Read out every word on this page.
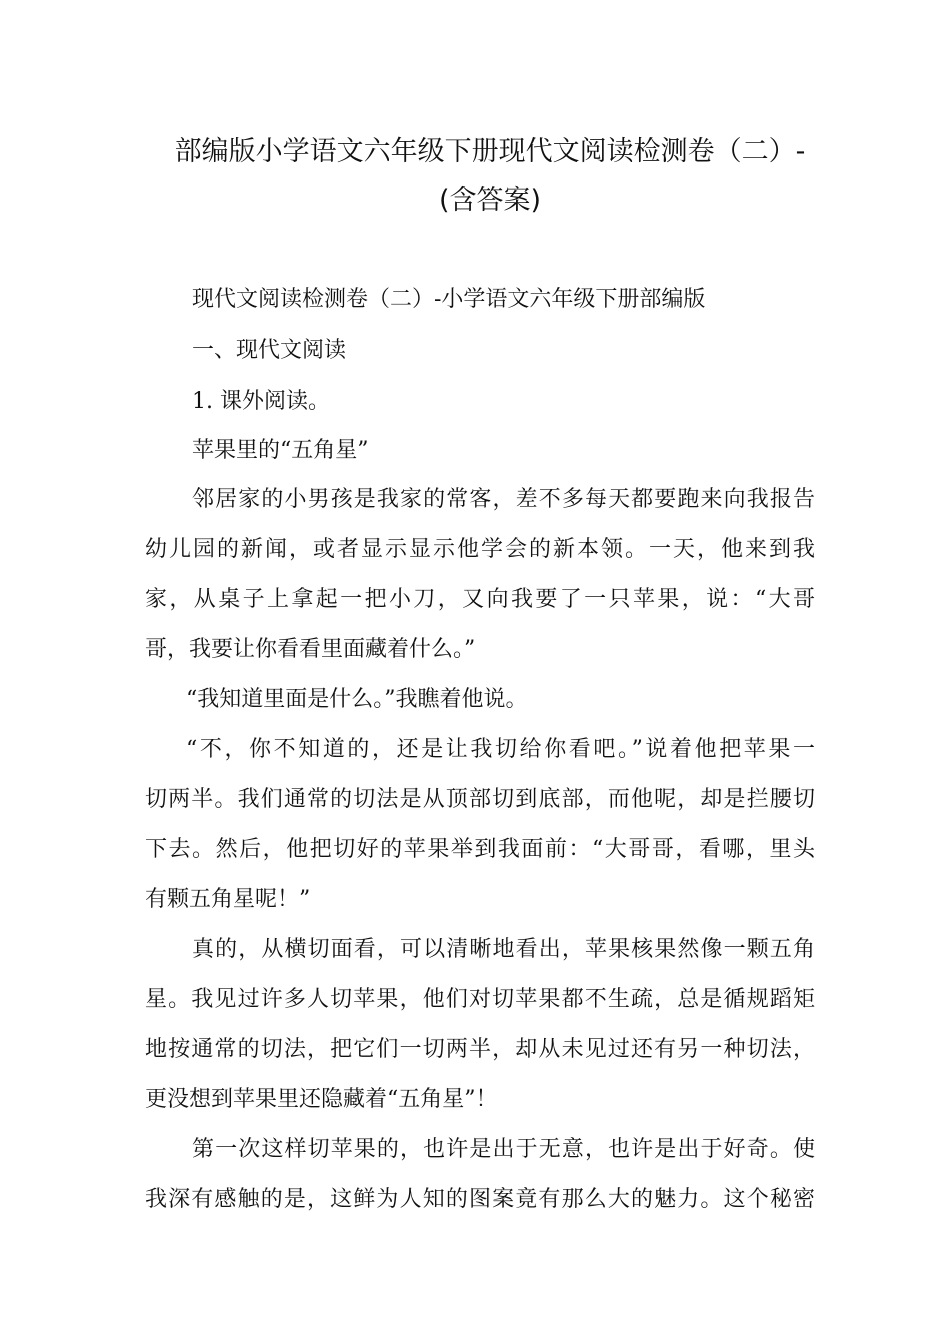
部编版小学语文六年级下册现代文阅读检测卷（二）-
(含答案)
现代文阅读检测卷（二）-小学语文六年级下册部编版
一、现代文阅读
1. 课外阅读。
苹果里的“五角星”
邻居家的小男孩是我家的常客，差不多每天都要跑来向我报告
幼儿园的新闻，或者显示显示他学会的新本领。一天，他来到我
家，从桌子上拿起一把小刀，又向我要了一只苹果，说：“大哥
哥，我要让你看看里面藏着什么。”
“我知道里面是什么。”我瞧着他说。
“不，你不知道的，还是让我切给你看吧。”说着他把苹果一
切两半。我们通常的切法是从顶部切到底部，而他呢，却是拦腰切
下去。然后，他把切好的苹果举到我面前：“大哥哥，看哪，里头
有颗五角星呢！”
真的，从横切面看，可以清晰地看出，苹果核果然像一颗五角
星。我见过许多人切苹果，他们对切苹果都不生疏，总是循规蹈矩
地按通常的切法，把它们一切两半，却从未见过还有另一种切法，
更没想到苹果里还隐藏着“五角星”！
第一次这样切苹果的，也许是出于无意，也许是出于好奇。使
我深有感触的是，这鲜为人知的图案竟有那么大的魅力。这个秘密
